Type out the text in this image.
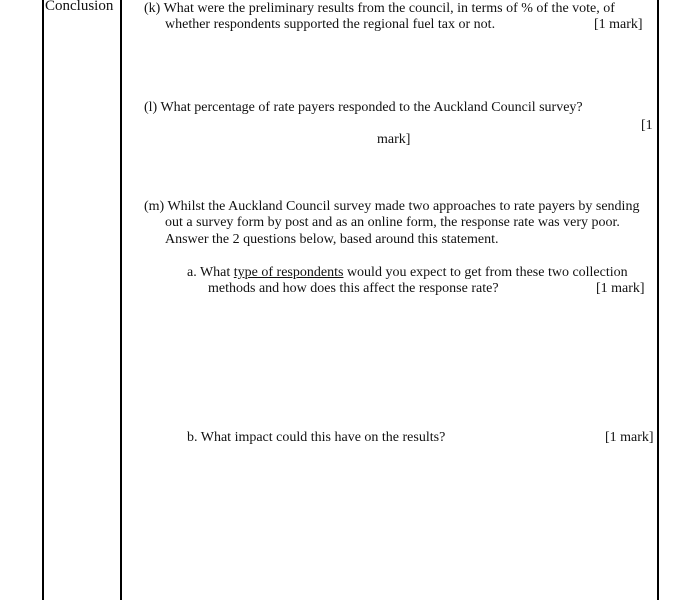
Conclusion (k) What were the preliminary results from the council, in terms of % of the vote, of
whether respondents supported the regional fuel tax or not.	[1 mark]
(l) What percentage of rate payers responded to the Auckland Council survey?
[1
mark]
(m) Whilst the Auckland Council survey made two approaches to rate payers by sending
out a survey form by post and as an online form, the response rate was very poor.
Answer the 2 questions below, based around this statement.
a. What type of respondents would you expect to get from these two collection
methods and how does this affect the response rate?	[1 mark]
b. What impact could this have on the results?	[1 mark]
